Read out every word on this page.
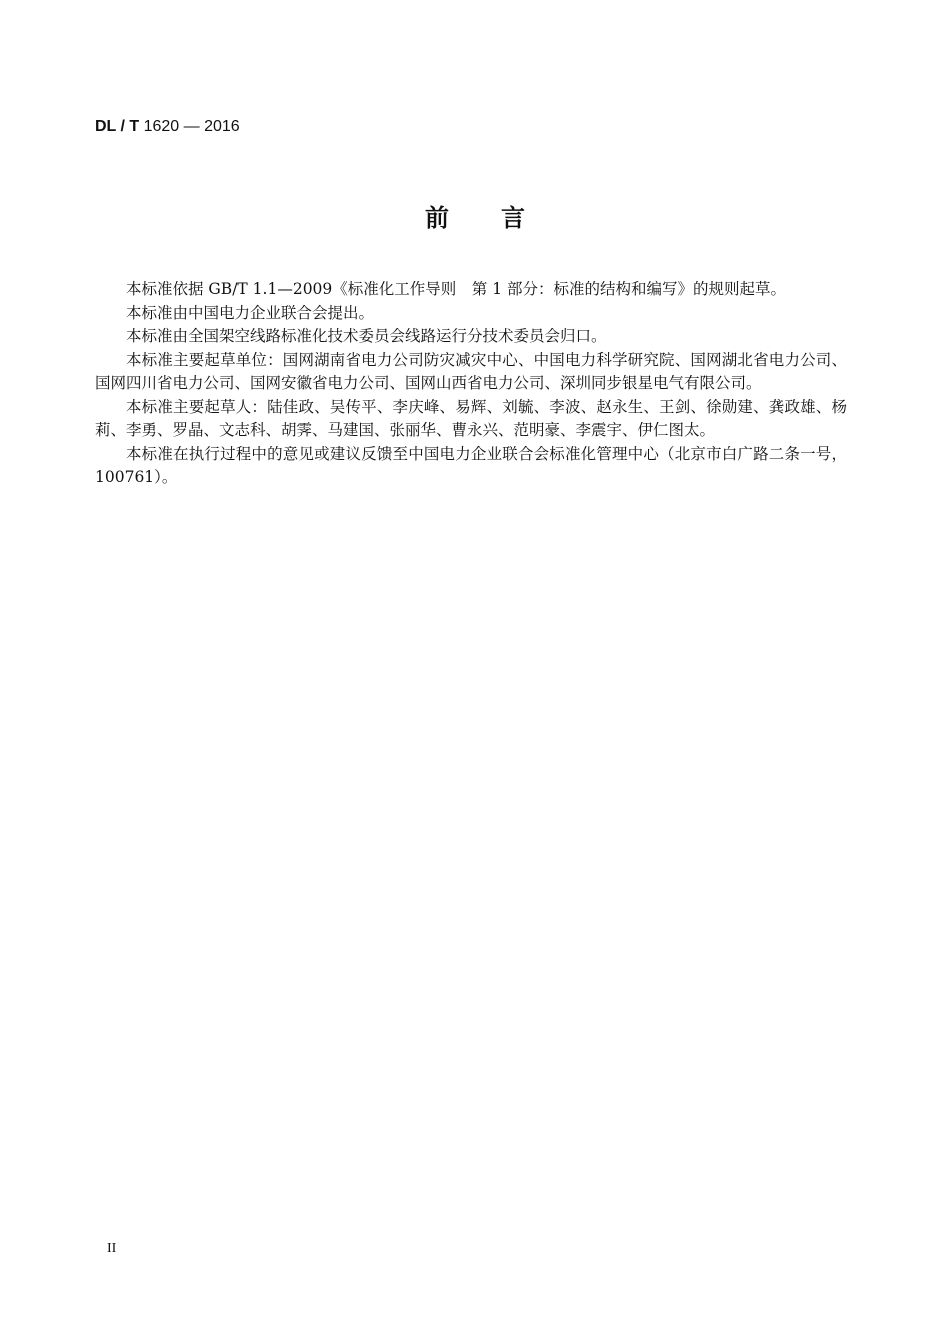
DL / T 1620 — 2016
前言

本标准依据 GB/T 1.1—2009《标准化工作导则　第 1 部分：标准的结构和编写》的规则起草。

本标准由中国电力企业联合会提出。

本标准由全国架空线路标准化技术委员会线路运行分技术委员会归口。

本标准主要起草单位：国网湖南省电力公司防灾减灾中心、中国电力科学研究院、国网湖北省电力公司、国网四川省电力公司、国网安徽省电力公司、国网山西省电力公司、深圳同步银星电气有限公司。

本标准主要起草人：陆佳政、吴传平、李庆峰、易辉、刘毓、李波、赵永生、王剑、徐勋建、龚政雄、杨莉、李勇、罗晶、文志科、胡霁、马建国、张丽华、曹永兴、范明豪、李震宇、伊仁图太。

本标准在执行过程中的意见或建议反馈至中国电力企业联合会标准化管理中心（北京市白广路二条一号，100761）。

II
